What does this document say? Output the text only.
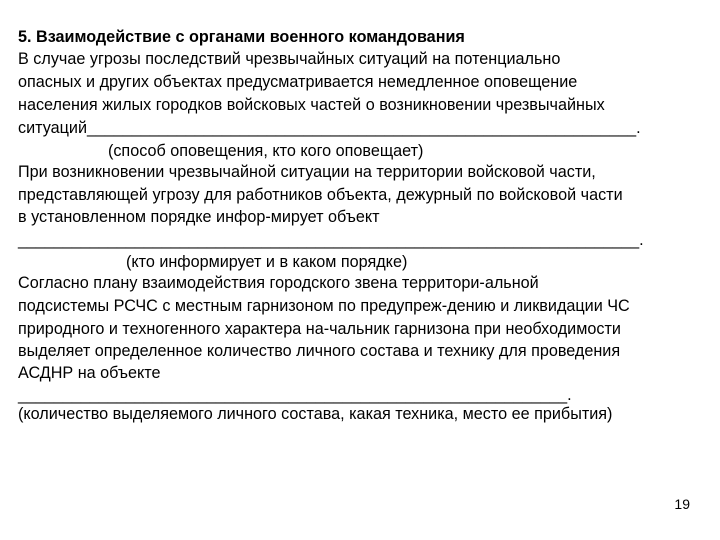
5. Взаимодействие с органами военного командования
В случае угрозы последствий чрезвычайных ситуаций на потенциально
опасных и других объектах предусматривается немедленное оповещение
населения жилых городков войсковых частей о возникновении чрезвычайных
ситуаций_____________________________________________________________.
(способ оповещения, кто кого оповещает)
При возникновении чрезвычайной ситуации на территории войсковой части,
представляющей угрозу для работников объекта, дежурный по войсковой части
в установленном порядке инфор-мирует объект
_____________________________________________________________________.
(кто информирует и в каком порядке)
Согласно плану взаимодействия городского звена территори-альной
подсистемы РСЧС с местным гарнизоном по предупреж-дению и ликвидации ЧС
природного и техногенного характера на-чальник гарнизона при необходимости
выделяет определенное количество личного состава и технику для проведения
АСДНР на объекте
_____________________________________________________________.
(количество выделяемого личного состава, какая техника, место ее прибытия)
19
